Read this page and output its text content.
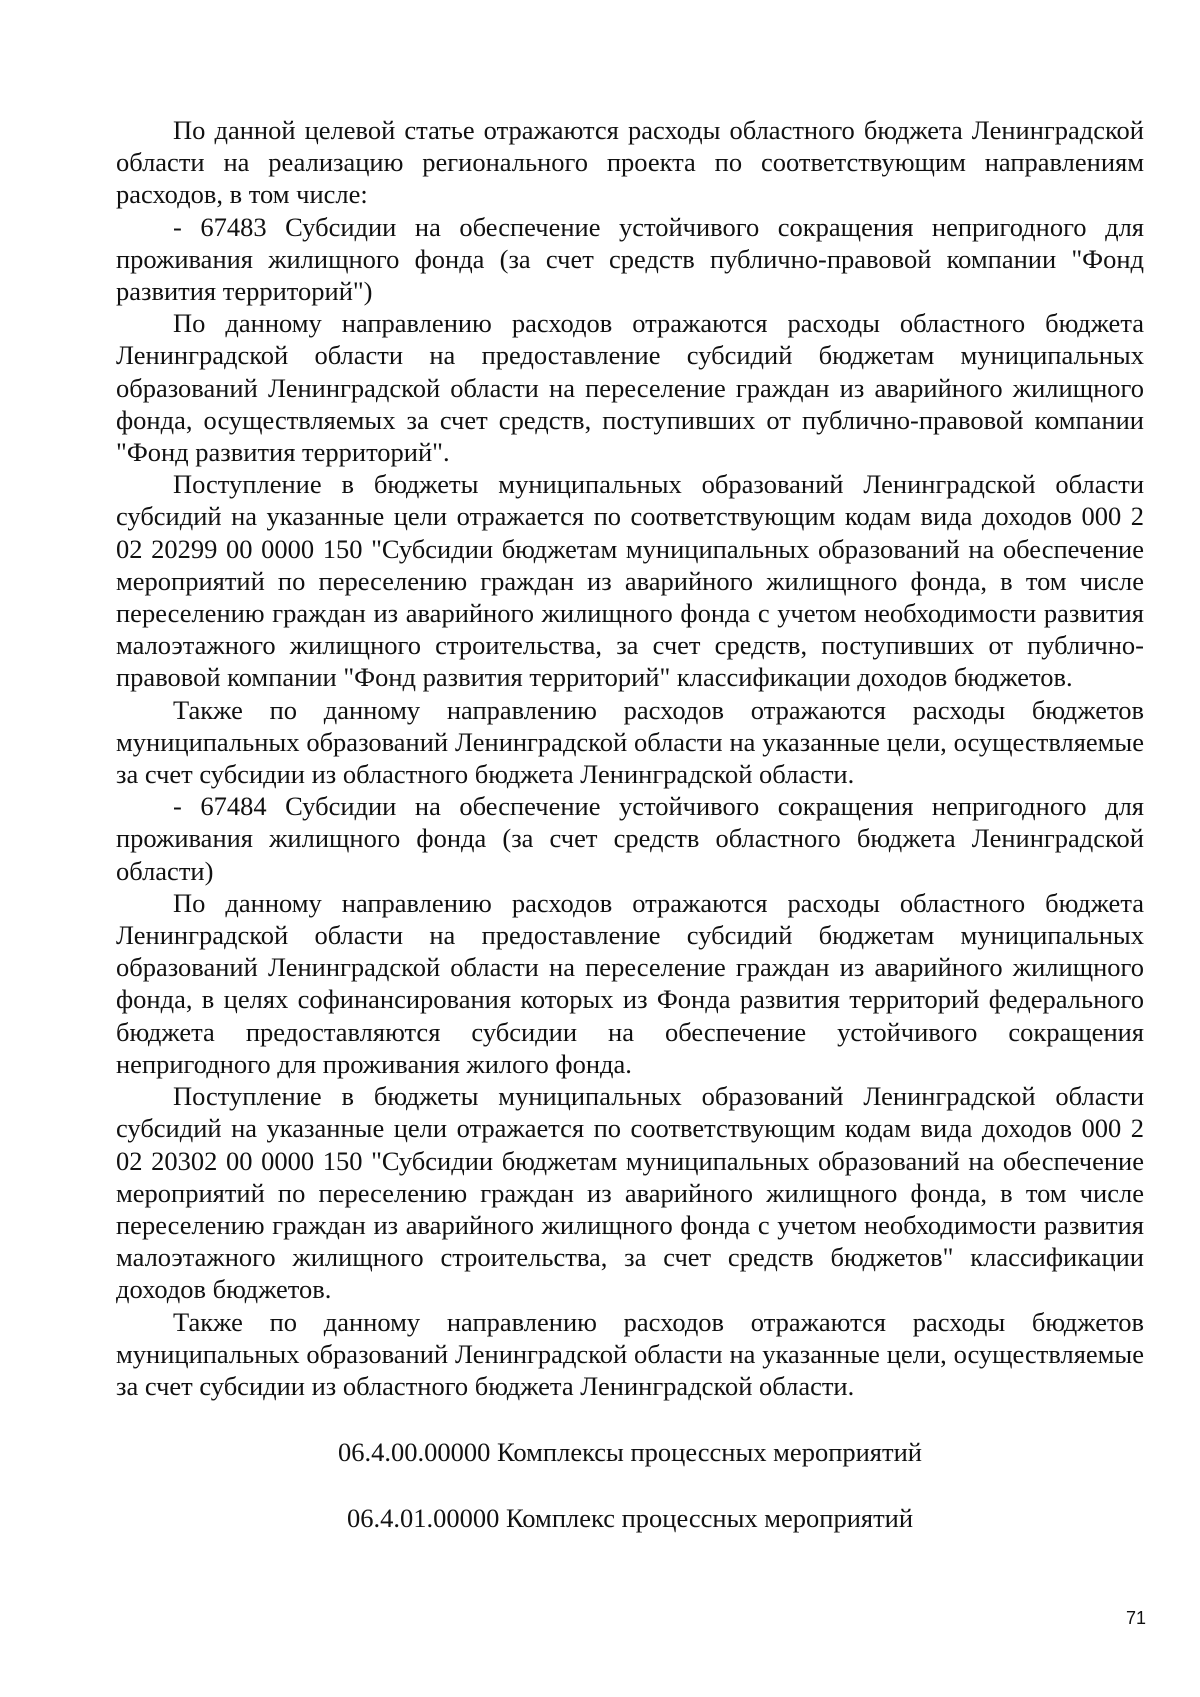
По данной целевой статье отражаются расходы областного бюджета Ленинградской области на реализацию регионального проекта по соответствующим направлениям расходов, в том числе:

- 67483 Субсидии на обеспечение устойчивого сокращения непригодного для проживания жилищного фонда (за счет средств публично-правовой компании "Фонд развития территорий")

По данному направлению расходов отражаются расходы областного бюджета Ленинградской области на предоставление субсидий бюджетам муниципальных образований Ленинградской области на переселение граждан из аварийного жилищного фонда, осуществляемых за счет средств, поступивших от публично-правовой компании "Фонд развития территорий".

Поступление в бюджеты муниципальных образований Ленинградской области субсидий на указанные цели отражается по соответствующим кодам вида доходов 000 2 02 20299 00 0000 150 "Субсидии бюджетам муниципальных образований на обеспечение мероприятий по переселению граждан из аварийного жилищного фонда, в том числе переселению граждан из аварийного жилищного фонда с учетом необходимости развития малоэтажного жилищного строительства, за счет средств, поступивших от публично-правовой компании "Фонд развития территорий" классификации доходов бюджетов.

Также по данному направлению расходов отражаются расходы бюджетов муниципальных образований Ленинградской области на указанные цели, осуществляемые за счет субсидии из областного бюджета Ленинградской области.

- 67484 Субсидии на обеспечение устойчивого сокращения непригодного для проживания жилищного фонда (за счет средств областного бюджета Ленинградской области)

По данному направлению расходов отражаются расходы областного бюджета Ленинградской области на предоставление субсидий бюджетам муниципальных образований Ленинградской области на переселение граждан из аварийного жилищного фонда, в целях софинансирования которых из Фонда развития территорий федерального бюджета предоставляются субсидии на обеспечение устойчивого сокращения непригодного для проживания жилого фонда.

Поступление в бюджеты муниципальных образований Ленинградской области субсидий на указанные цели отражается по соответствующим кодам вида доходов 000 2 02 20302 00 0000 150 "Субсидии бюджетам муниципальных образований на обеспечение мероприятий по переселению граждан из аварийного жилищного фонда, в том числе переселению граждан из аварийного жилищного фонда с учетом необходимости развития малоэтажного жилищного строительства, за счет средств бюджетов" классификации доходов бюджетов.

Также по данному направлению расходов отражаются расходы бюджетов муниципальных образований Ленинградской области на указанные цели, осуществляемые за счет субсидии из областного бюджета Ленинградской области.

06.4.00.00000 Комплексы процессных мероприятий

06.4.01.00000 Комплекс процессных мероприятий

71
